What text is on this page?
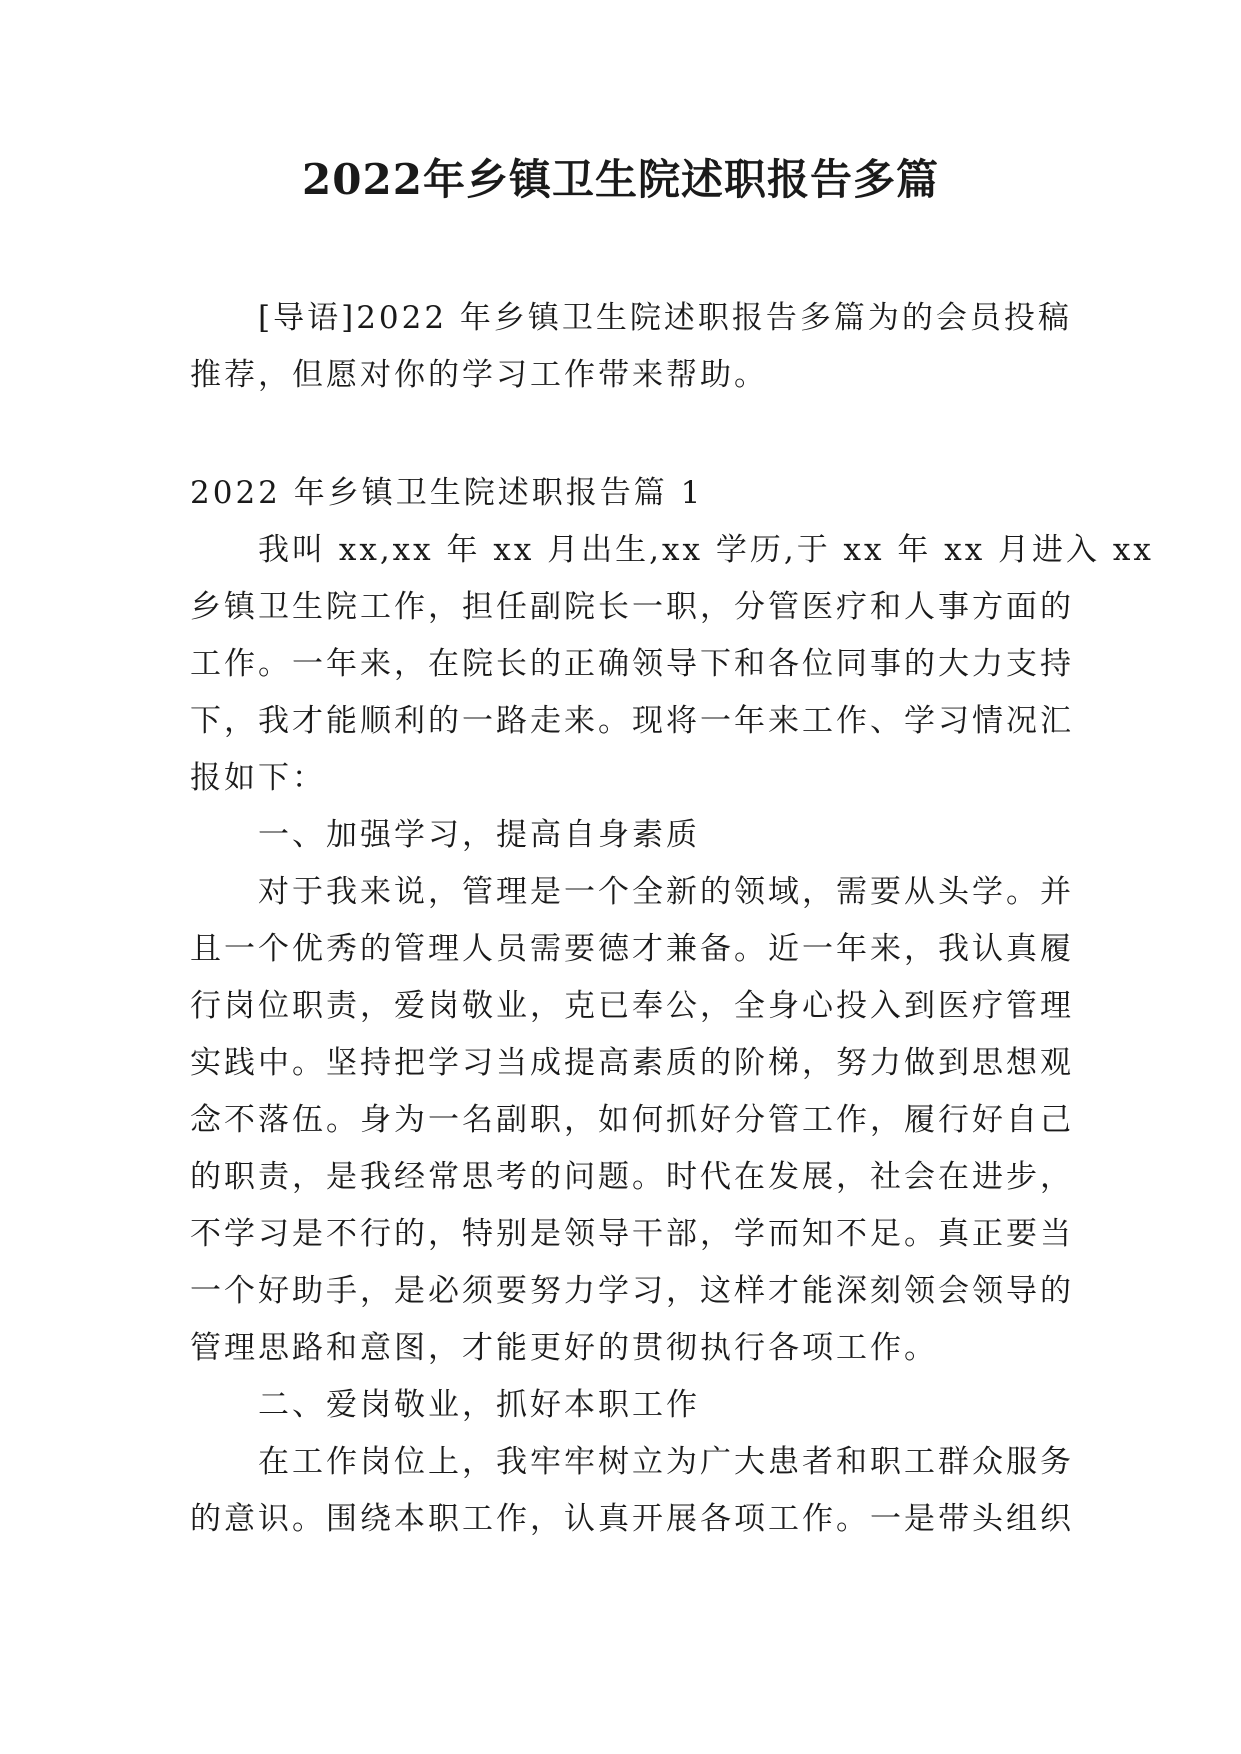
2022年乡镇卫生院述职报告多篇
[导语]2022 年乡镇卫生院述职报告多篇为的会员投稿
推荐，但愿对你的学习工作带来帮助。
2022 年乡镇卫生院述职报告篇 1
我叫 xx,xx 年 xx 月出生,xx 学历,于 xx 年 xx 月进入 xx
乡镇卫生院工作，担任副院长一职，分管医疗和人事方面的
工作。一年来，在院长的正确领导下和各位同事的大力支持
下，我才能顺利的一路走来。现将一年来工作、学习情况汇
报如下：
一、加强学习，提高自身素质
对于我来说，管理是一个全新的领域，需要从头学。并
且一个优秀的管理人员需要德才兼备。近一年来，我认真履
行岗位职责，爱岗敬业，克已奉公，全身心投入到医疗管理
实践中。坚持把学习当成提高素质的阶梯，努力做到思想观
念不落伍。身为一名副职，如何抓好分管工作，履行好自己
的职责，是我经常思考的问题。时代在发展，社会在进步，
不学习是不行的，特别是领导干部，学而知不足。真正要当
一个好助手，是必须要努力学习，这样才能深刻领会领导的
管理思路和意图，才能更好的贯彻执行各项工作。
二、爱岗敬业，抓好本职工作
在工作岗位上，我牢牢树立为广大患者和职工群众服务
的意识。围绕本职工作，认真开展各项工作。一是带头组织
